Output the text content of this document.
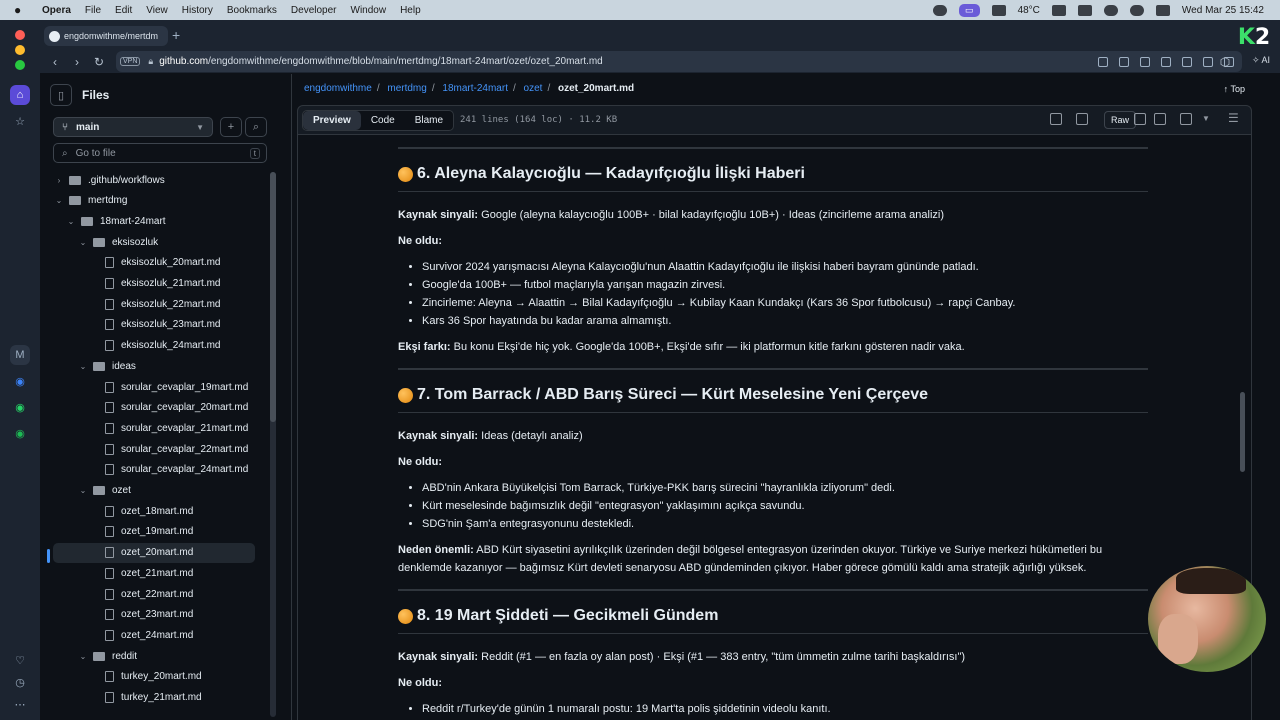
●	Opera File Edit View History Bookmarks Developer Window Help	▭	48°C	Wed Mar 25 15:42
⌂
☆
M
◉
◉
◉
♡
◷
⋯
engdomwithme/mertdm +	K 2
‹	›	↻	VPN	🔒︎ github.com/engdomwithme/engdomwithme/blob/main/mertdmg/18mart-24mart/ozet/ozet_20mart.md	⬡	✧ AI
▯	Files
⑂ main	▼	+	⌕
⌕ Go to file	t
›	.github/workflows
⌄	mertdmg
⌄	18mart-24mart
⌄	eksisozluk
eksisozluk_20mart.md
eksisozluk_21mart.md
eksisozluk_22mart.md
eksisozluk_23mart.md
eksisozluk_24mart.md
⌄	ideas
sorular_cevaplar_19mart.md
sorular_cevaplar_20mart.md
sorular_cevaplar_21mart.md
sorular_cevaplar_22mart.md
sorular_cevaplar_24mart.md
⌄	ozet
ozet_18mart.md
ozet_19mart.md
ozet_20mart.md
ozet_21mart.md
ozet_22mart.md
ozet_23mart.md
ozet_24mart.md
⌄	reddit
turkey_20mart.md
turkey_21mart.md
engdomwithme / mertdmg / 18mart-24mart / ozet / ozet_20mart.md	↑ Top
Preview	Code	Blame	241 lines (164 loc) · 11.2 KB	Raw	▼ ☰
6. Aleyna Kalaycıoğlu — Kadayıfçıoğlu İlişki Haberi

Kaynak sinyali: Google (aleyna kalaycıoğlu 100B+ · bilal kadayıfçıoğlu 10B+) · Ideas (zincirleme arama analizi)

Ne oldu:

• Survivor 2024 yarışmacısı Aleyna Kalaycıoğlu'nun Alaattin Kadayıfçıoğlu ile ilişkisi haberi bayram gününde patladı.
• Google'da 100B+ — futbol maçlarıyla yarışan magazin zirvesi.
• Zincirleme: Aleyna → Alaattin → Bilal Kadayıfçıoğlu → Kubilay Kaan Kundakçı (Kars 36 Spor futbolcusu) → rapçi Canbay.
• Kars 36 Spor hayatında bu kadar arama almamıştı.

Ekşi farkı: Bu konu Ekşi'de hiç yok. Google'da 100B+, Ekşi'de sıfır — iki platformun kitle farkını gösteren nadir vaka.

7. Tom Barrack / ABD Barış Süreci — Kürt Meselesine Yeni Çerçeve

Kaynak sinyali: Ideas (detaylı analiz)

Ne oldu:

• ABD'nin Ankara Büyükelçisi Tom Barrack, Türkiye-PKK barış sürecini "hayranlıkla izliyorum" dedi.
• Kürt meselesinde bağımsızlık değil "entegrasyon" yaklaşımını açıkça savundu.
• SDG'nin Şam'a entegrasyonunu destekledi.

Neden önemli: ABD Kürt siyasetini ayrılıkçılık üzerinden değil bölgesel entegrasyon üzerinden okuyor. Türkiye ve Suriye merkezi hükümetleri bu denklemde kazanıyor — bağımsız Kürt devleti senaryosu ABD gündeminden çıkıyor. Haber görece gömülü kaldı ama stratejik ağırlığı yüksek.

8. 19 Mart Şiddeti — Gecikmeli Gündem

Kaynak sinyali: Reddit (#1 — en fazla oy alan post) · Ekşi (#1 — 383 entry, "tüm ümmetin zulme tarihi başkaldırısı")

Ne oldu:

• Reddit r/Turkey'de günün 1 numaralı postu: 19 Mart'ta polis şiddetinin videolu kanıtı.
